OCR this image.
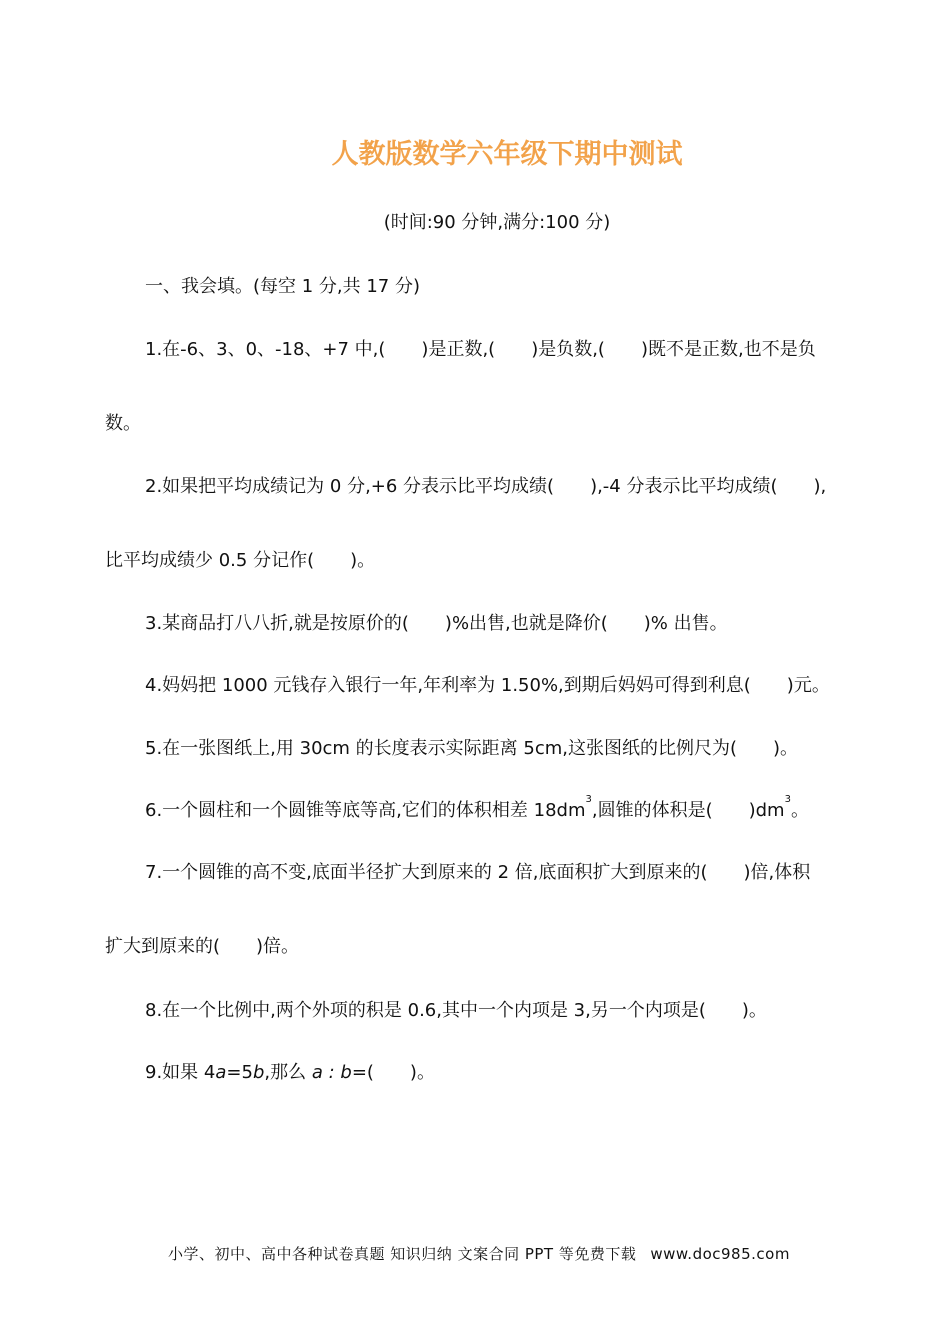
人教版数学六年级下期中测试
(时间:90 分钟,满分:100 分)
一、我会填。(每空 1 分,共 17 分)
1.在-6、3、0、-18、+7 中,(　　)是正数,(　　)是负数,(　　)既不是正数,也不是负
数。
2.如果把平均成绩记为 0 分,+6 分表示比平均成绩(　　),-4 分表示比平均成绩(　　),
比平均成绩少 0.5 分记作(　　)。
3.某商品打八八折,就是按原价的(　　)%出售,也就是降价(　　)% 出售。
4.妈妈把 1000 元钱存入银行一年,年利率为 1.50%,到期后妈妈可得到利息(　　)元。
5.在一张图纸上,用 30cm 的长度表示实际距离 5cm,这张图纸的比例尺为(　　)。
6.一个圆柱和一个圆锥等底等高,它们的体积相差 $18dm^3$,圆锥的体积是(　　)$dm^3$。
7.一个圆锥的高不变,底面半径扩大到原来的 2 倍,底面积扩大到原来的(　　)倍,体积
扩大到原来的(　　)倍。
8.在一个比例中,两个外项的积是 0.6,其中一个内项是 3,另一个内项是(　　)。
9.如果 4a=5b,那么 a : b=(　　)。
小学、初中、高中各种试卷真题 知识归纳 文案合同 PPT 等免费下载 www.doc985.com
